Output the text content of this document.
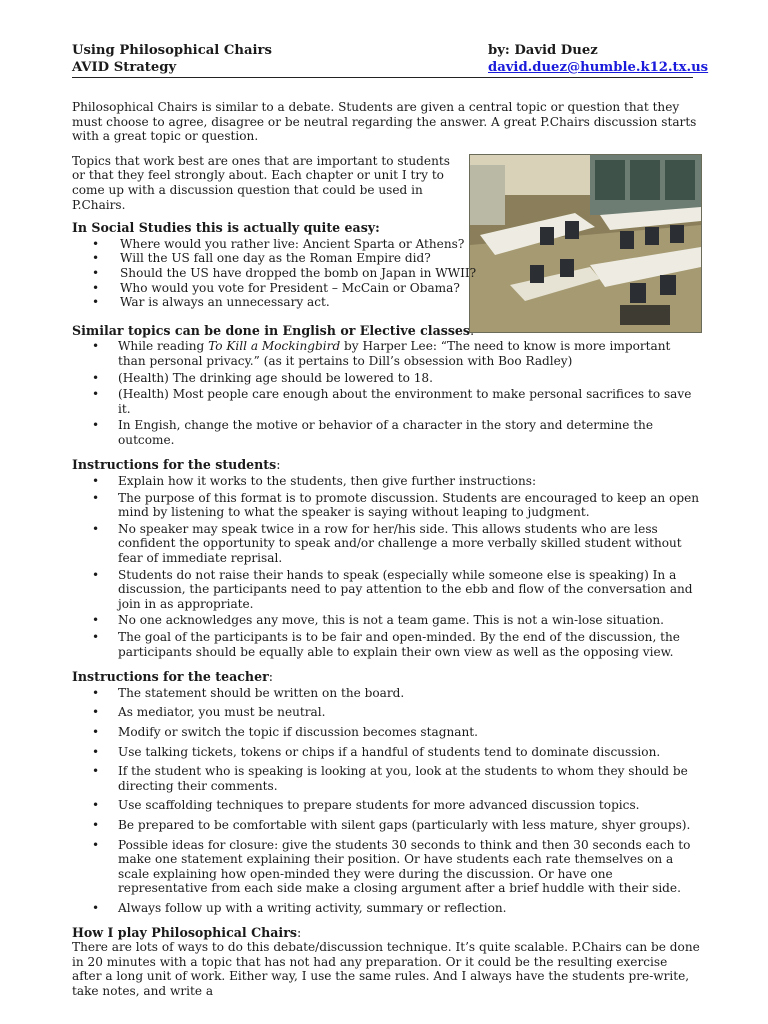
Using Philosophical Chairs	by: David Duez
AVID Strategy	david.duez@humble.k12.tx.us

Philosophical Chairs is similar to a debate. Students are given a central topic or question that they must choose to agree, disagree or be neutral regarding the answer. A great P.Chairs discussion starts with a great topic or question.

Topics that work best are ones that are important to students or that they feel strongly about. Each chapter or unit I try to come up with a discussion question that could be used in P.Chairs.

In Social Studies this is actually quite easy:
• Where would you rather live: Ancient Sparta or Athens?
• Will the US fall one day as the Roman Empire did?
• Should the US have dropped the bomb on Japan in WWII?
• Who would you vote for President – McCain or Obama?
• War is always an unnecessary act.
Similar topics can be done in English or Elective classes
• While reading To Kill a Mockingbird by Harper Lee: “The need to know is more important than personal privacy.” (as it pertains to Dill’s obsession with Boo Radley)
• (Health) The drinking age should be lowered to 18.
• (Health) Most people care enough about the environment to make personal sacrifices to save it.
• In Engish, change the motive or behavior of a character in the story and determine the outcome.
Instructions for the students:
• Explain how it works to the students, then give further instructions:
• The purpose of this format is to promote discussion. Students are encouraged to keep an open mind by listening to what the speaker is saying without leaping to judgment.
• No speaker may speak twice in a row for her/his side. This allows students who are less confident the opportunity to speak and/or challenge a more verbally skilled student without fear of immediate reprisal.
• Students do not raise their hands to speak (especially while someone else is speaking) In a discussion, the participants need to pay attention to the ebb and flow of the conversation and join in as appropriate.
• No one acknowledges any move, this is not a team game. This is not a win-lose situation.
• The goal of the participants is to be fair and open-minded. By the end of the discussion, the participants should be equally able to explain their own view as well as the opposing view.
Instructions for the teacher:
• The statement should be written on the board.
• As mediator, you must be neutral.
• Modify or switch the topic if discussion becomes stagnant.
• Use talking tickets, tokens or chips if a handful of students tend to dominate discussion.
• If the student who is speaking is looking at you, look at the students to whom they should be directing their comments.
• Use scaffolding techniques to prepare students for more advanced discussion topics.
• Be prepared to be comfortable with silent gaps (particularly with less mature, shyer groups).
• Possible ideas for closure: give the students 30 seconds to think and then 30 seconds each to make one statement explaining their position. Or have students each rate themselves on a scale explaining how open-minded they were during the discussion. Or have one representative from each side make a closing argument after a brief huddle with their side.
• Always follow up with a writing activity, summary or reflection.
How I play Philosophical Chairs:

There are lots of ways to do this debate/discussion technique. It’s quite scalable. P.Chairs can be done in 20 minutes with a topic that has not had any preparation. Or it could be the resulting exercise after a long unit of work. Either way, I use the same rules. And I always have the students pre-write, take notes, and write a
